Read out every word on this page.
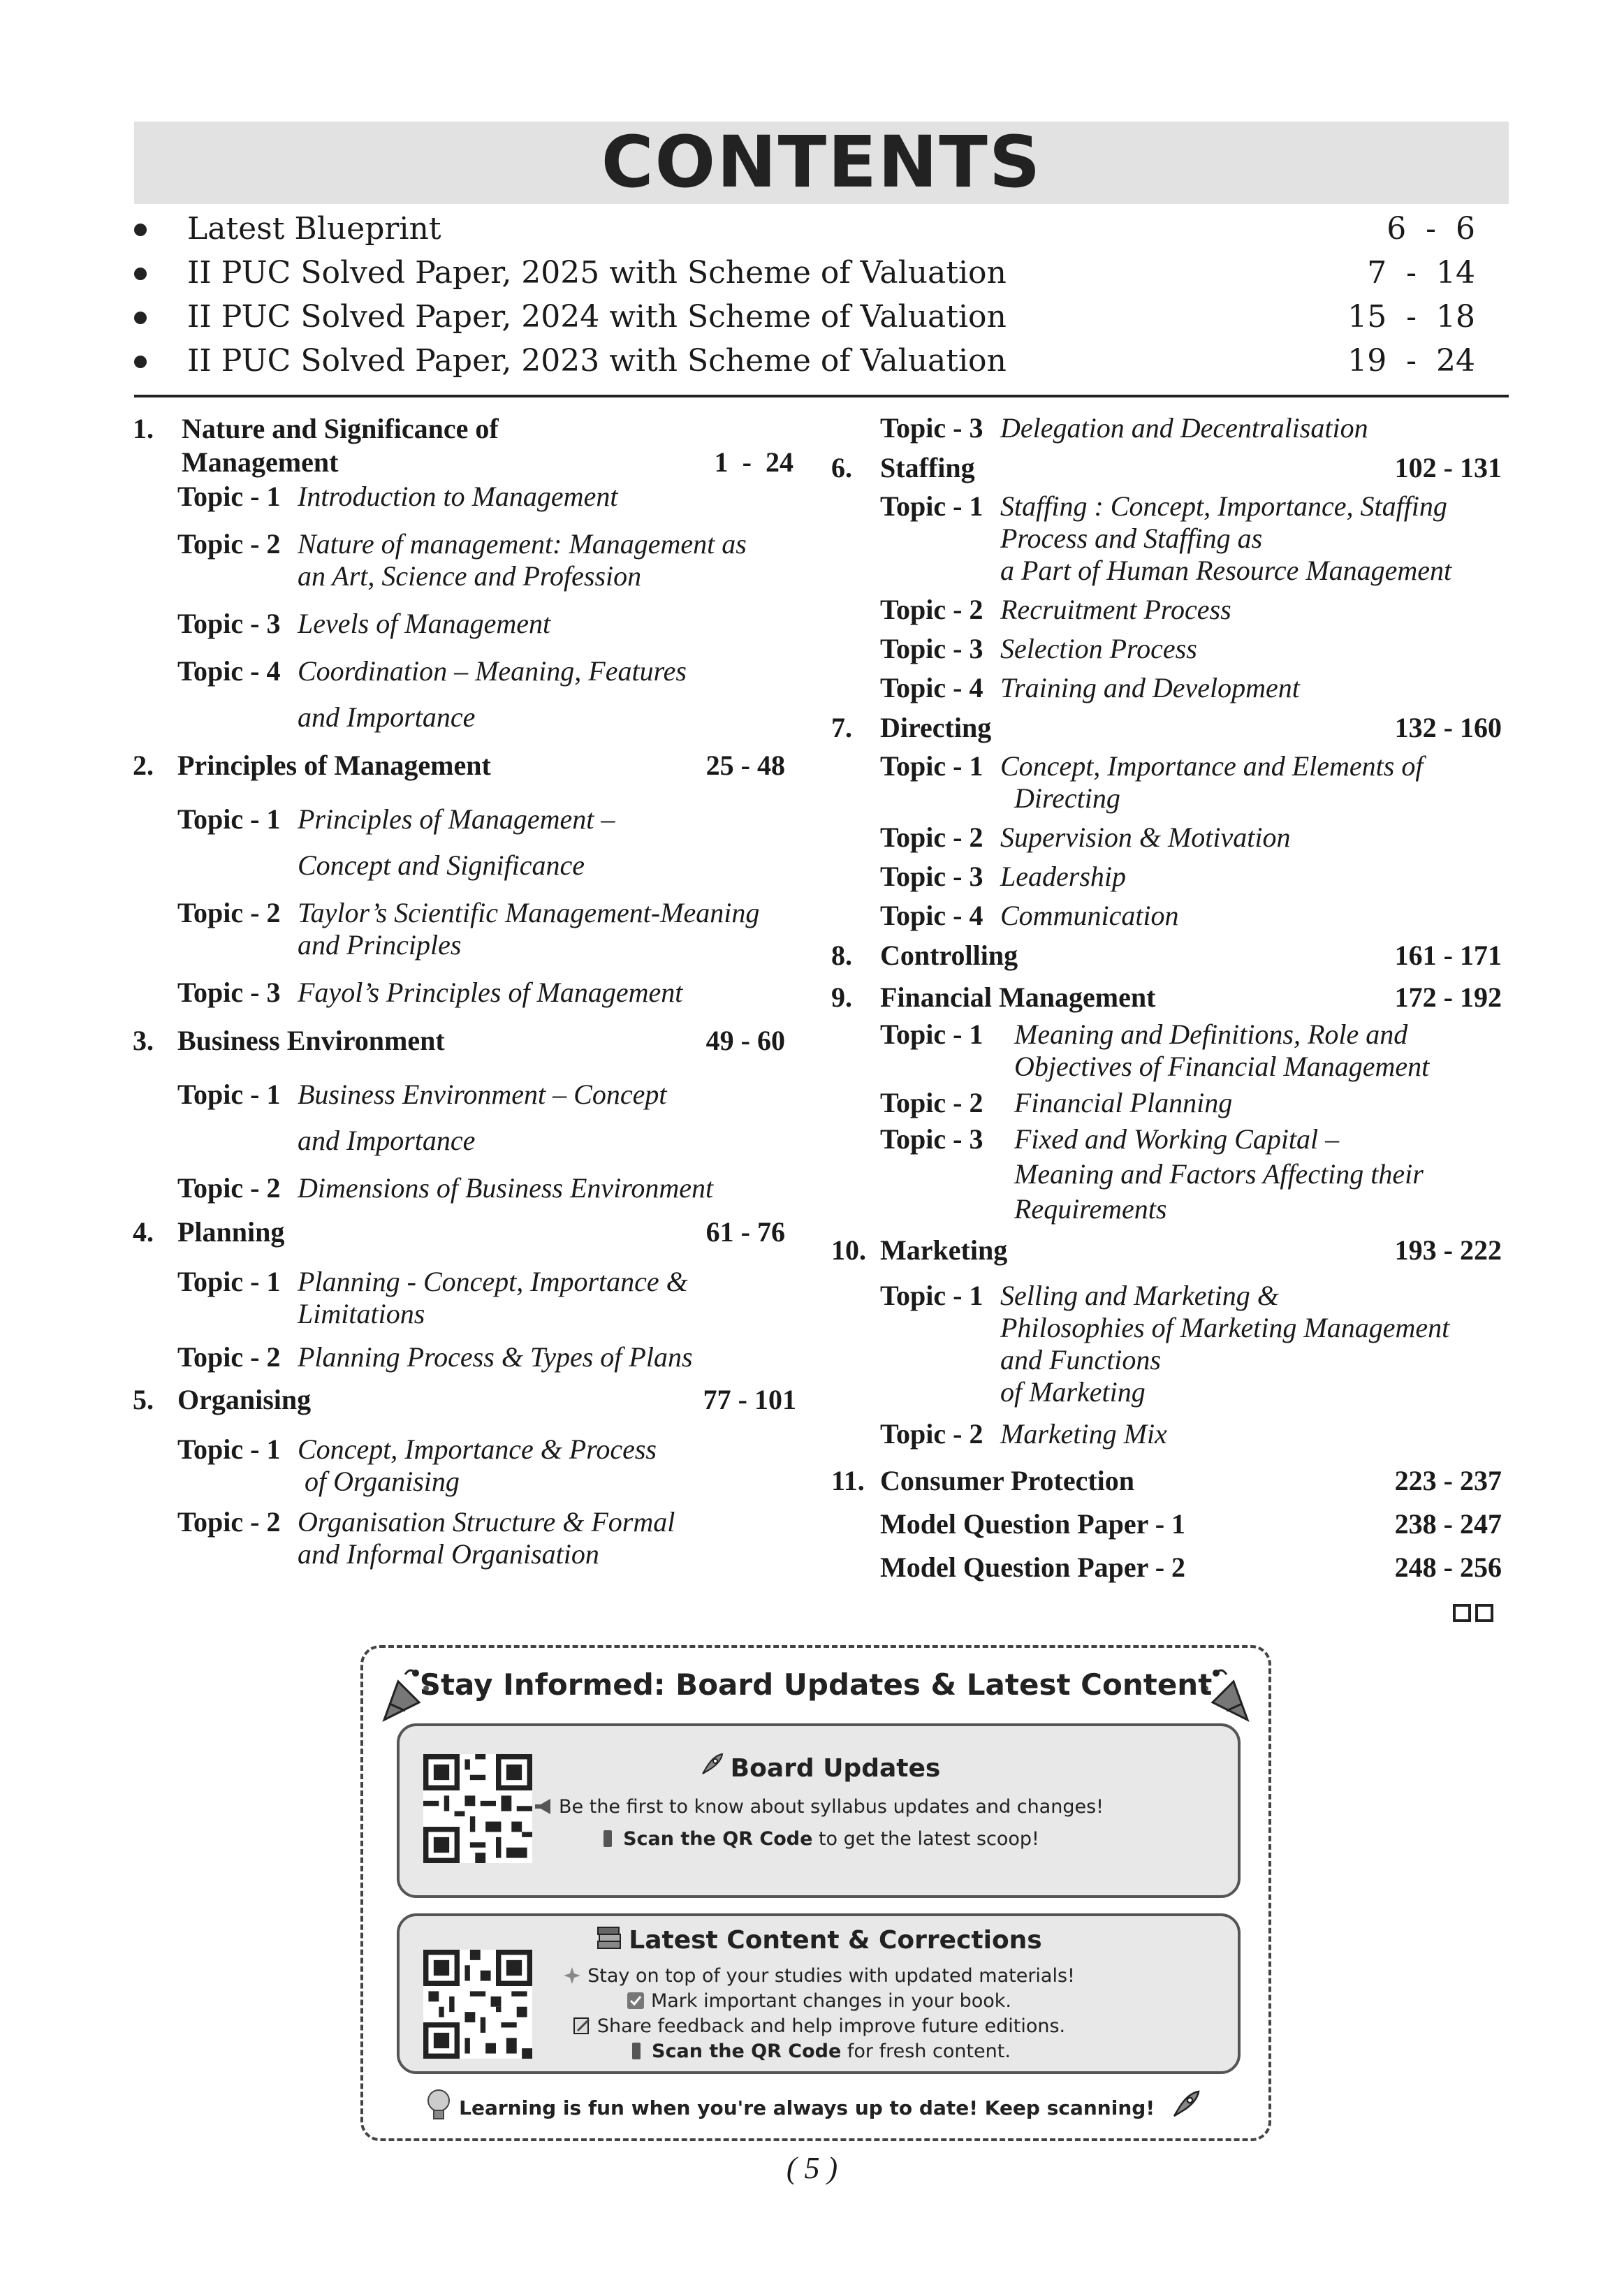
CONTENTS
Latest Blueprint	6  -  6
II PUC Solved Paper, 2025 with Scheme of Valuation	7  -  14
II PUC Solved Paper, 2024 with Scheme of Valuation	15  -  18
II PUC Solved Paper, 2023 with Scheme of Valuation	19  -  24
1. Nature and Significance of
Management	1  -  24
Topic - 1 Introduction to Management
Topic - 2 Nature of management: Management as
an Art, Science and Profession
Topic - 3 Levels of Management
Topic - 4 Coordination – Meaning, Features
and Importance
2. Principles of Management	25 - 48
Topic - 1 Principles of Management –
Concept and Significance
Topic - 2 Taylor’s Scientific Management-Meaning
and Principles
Topic - 3 Fayol’s Principles of Management
3. Business Environment	49 - 60
Topic - 1 Business Environment – Concept
and Importance
Topic - 2 Dimensions of Business Environment
4. Planning	61 - 76
Topic - 1 Planning - Concept, Importance &
Limitations
Topic - 2 Planning Process & Types of Plans
5. Organising	77 - 101
Topic - 1 Concept, Importance & Process
of Organising
Topic - 2 Organisation Structure & Formal
and Informal Organisation
Topic - 3 Delegation and Decentralisation
6. Staffing	102 - 131
Topic - 1 Staffing : Concept, Importance, Staffing
Process and Staffing as
a Part of Human Resource Management
Topic - 2 Recruitment Process
Topic - 3 Selection Process
Topic - 4 Training and Development
7. Directing	132 - 160
Topic - 1 Concept, Importance and Elements of
Directing
Topic - 2 Supervision & Motivation
Topic - 3 Leadership
Topic - 4 Communication
8. Controlling	161 - 171
9. Financial Management	172 - 192
Topic - 1 Meaning and Definitions, Role and
Objectives of Financial Management
Topic - 2 Financial Planning
Topic - 3 Fixed and Working Capital –
Meaning and Factors Affecting their
Requirements
10. Marketing	193 - 222
Topic - 1 Selling and Marketing &
Philosophies of Marketing Management
and Functions
of Marketing
Topic - 2 Marketing Mix
11. Consumer Protection	223 - 237
Model Question Paper - 1	238 - 247
Model Question Paper - 2	248 - 256
Stay Informed: Board Updates & Latest Content
Board Updates
Be the first to know about syllabus updates and changes!
Scan the QR Code to get the latest scoop!
Latest Content & Corrections
Stay on top of your studies with updated materials!
Mark important changes in your book.
Share feedback and help improve future editions.
Scan the QR Code for fresh content.
Learning is fun when you're always up to date! Keep scanning!
( 5 )
